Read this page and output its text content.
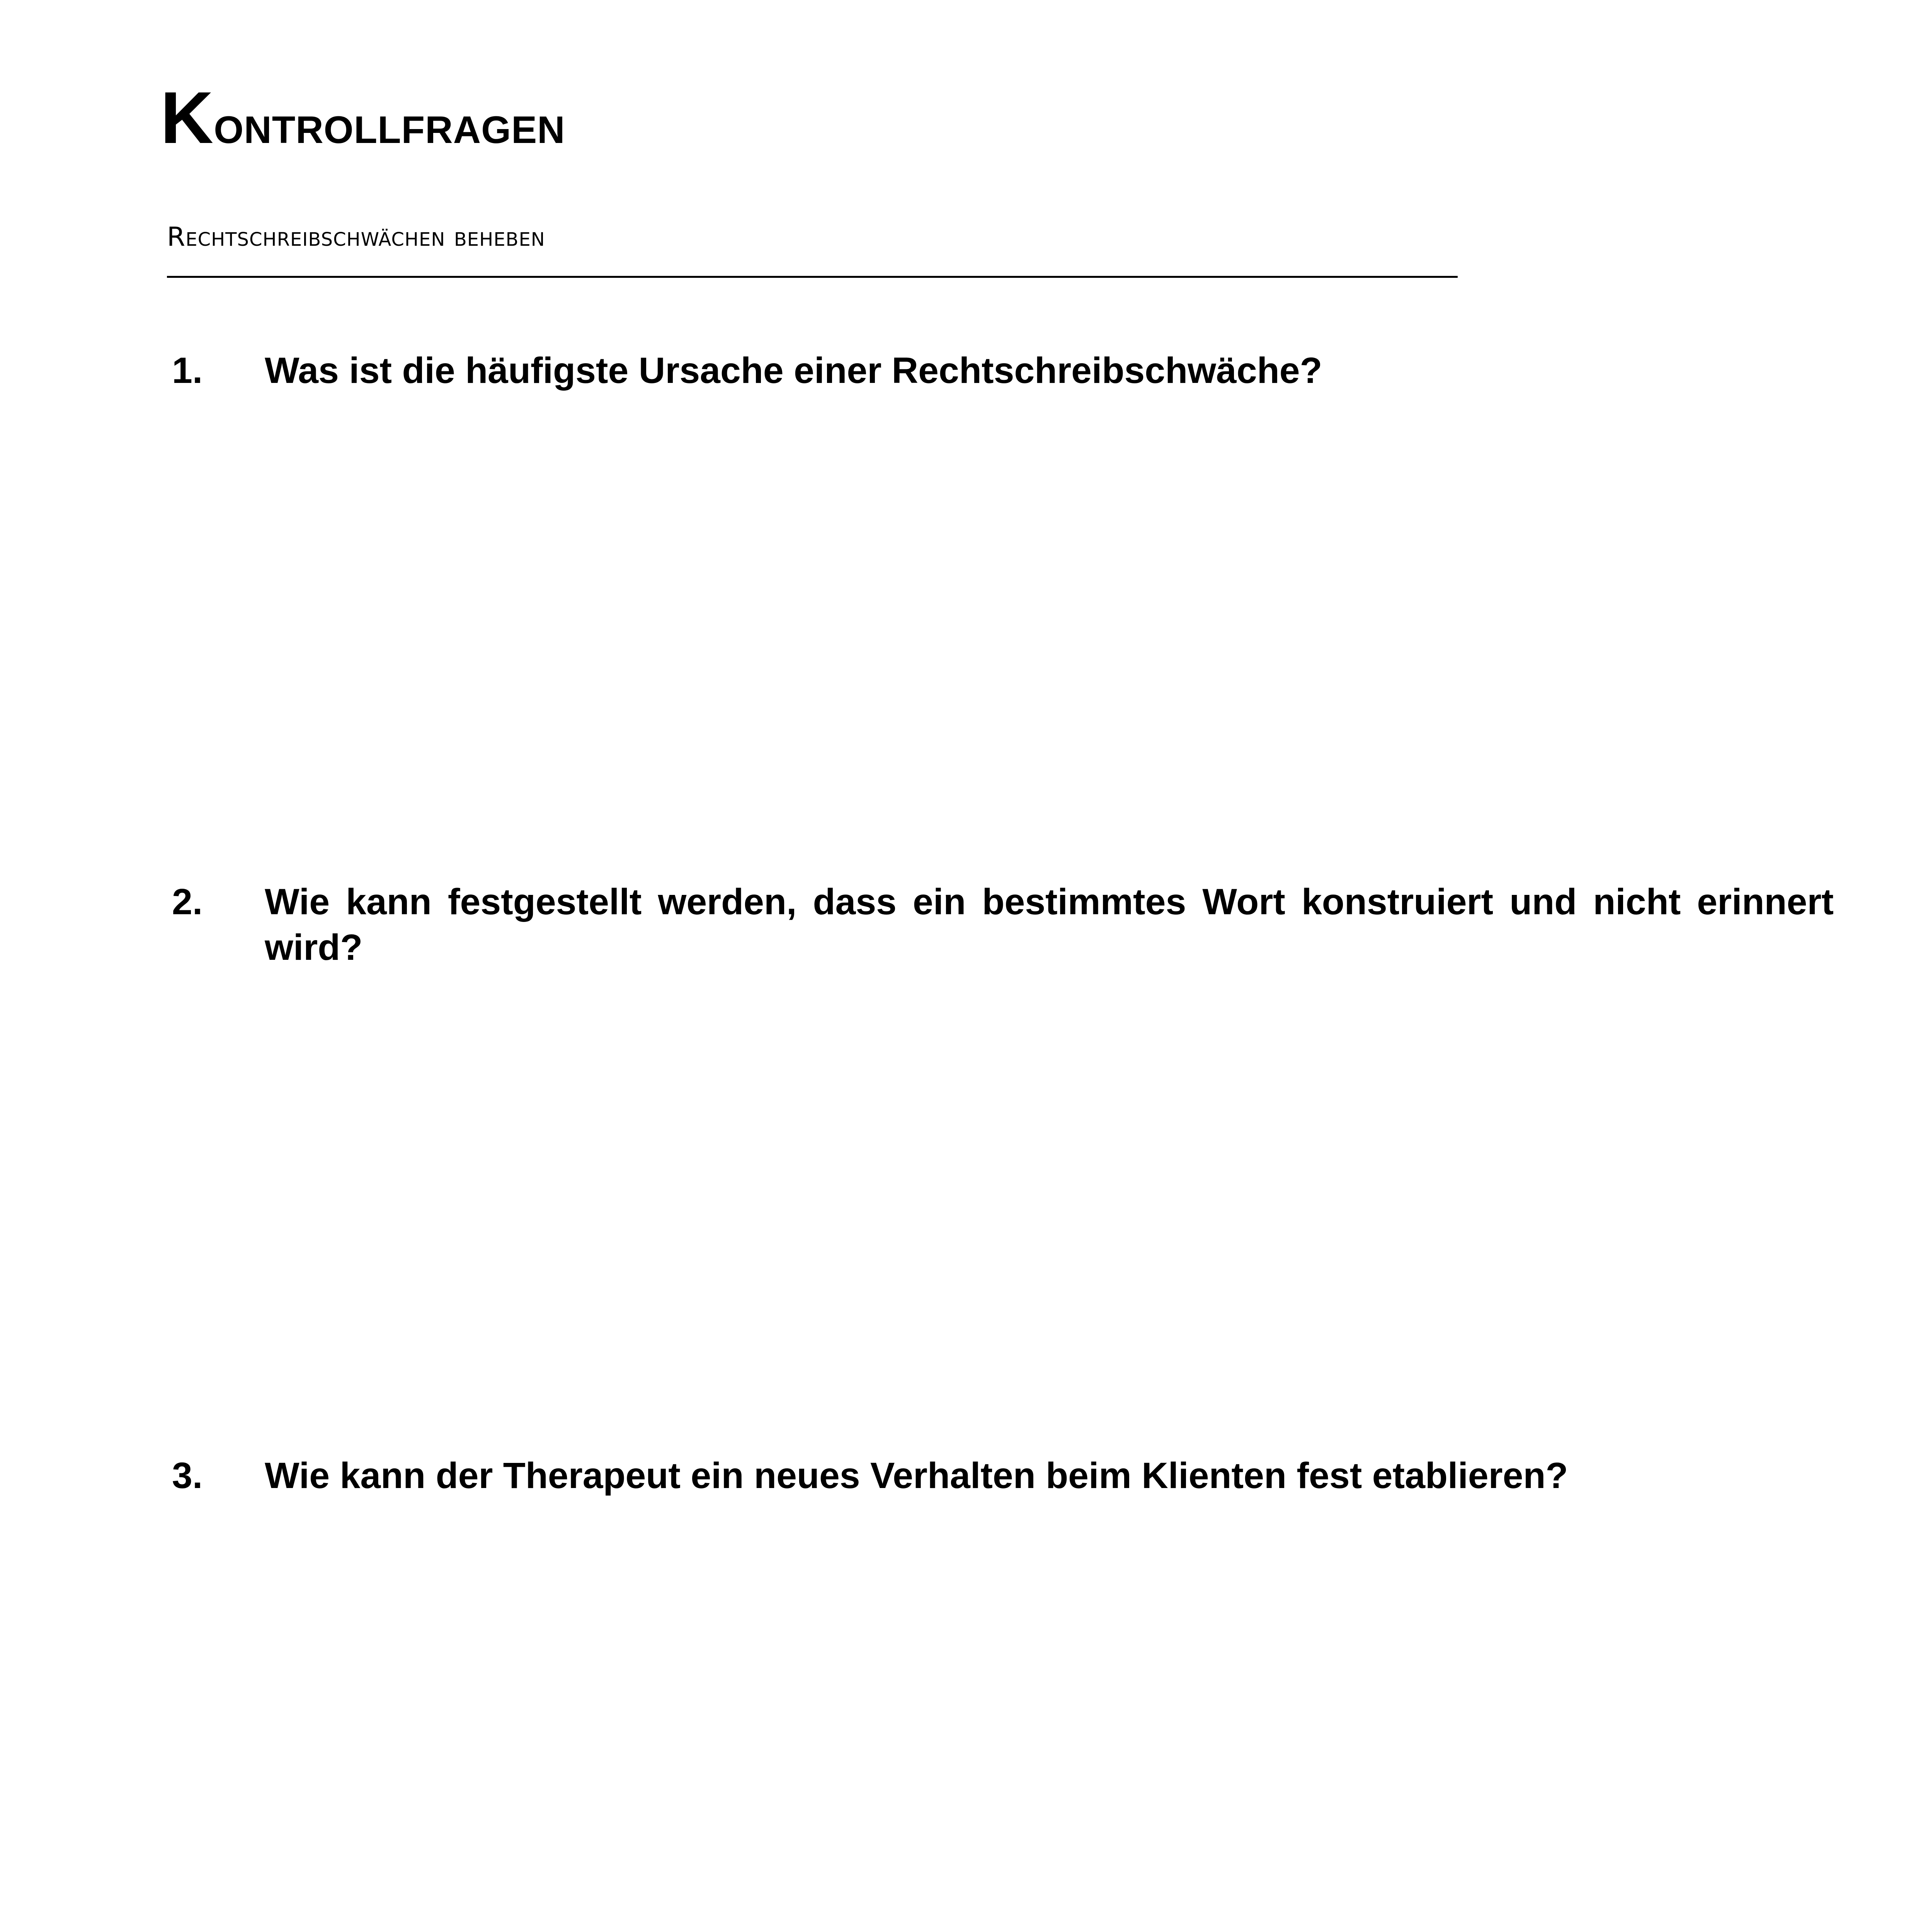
Kontrollfragen
Rechtschreibschwächen beheben
1. Was ist die häufigste Ursache einer Rechtschreibschwäche?
2. Wie kann festgestellt werden, dass ein bestimmtes Wort konstruiert und nicht erinnert wird?
3. Wie kann der Therapeut ein neues Verhalten beim Klienten fest etablieren?
